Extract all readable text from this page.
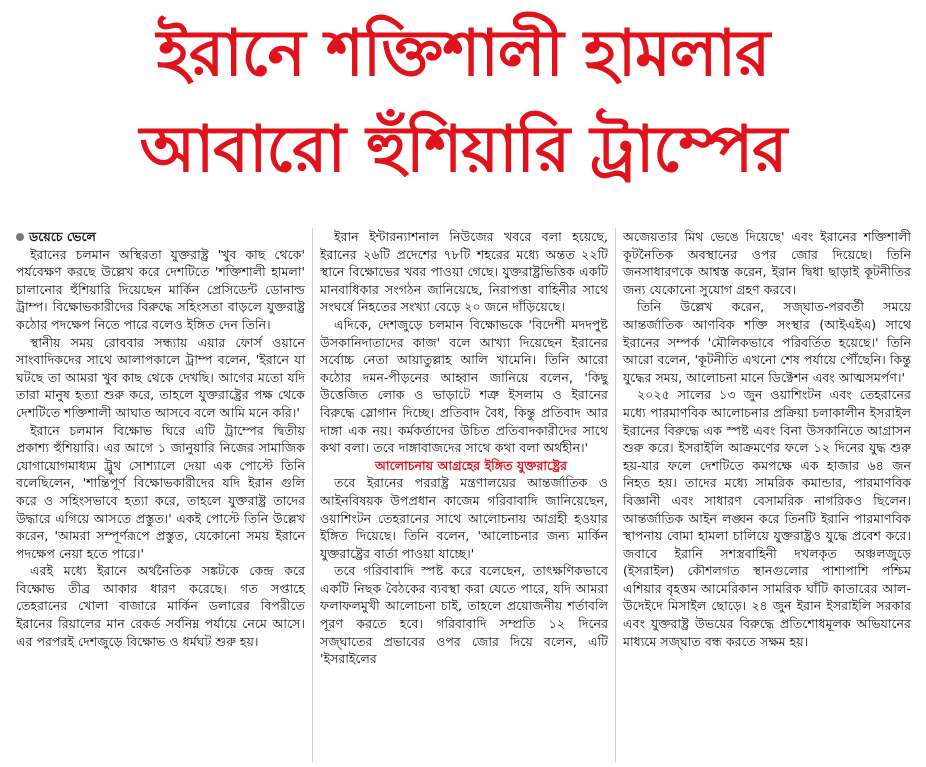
ইরানে শক্তিশালী হামলার
আবারো হুঁশিয়ারি ট্রাম্পের
ডয়েচে ভেলে

ইরানের চলমান অস্থিরতা যুক্তরাষ্ট্র 'খুব কাছ থেকে' পর্যবেক্ষণ করছে উল্লেখ করে দেশটিতে 'শক্তিশালী হামলা' চালানোর হুঁশিয়ারি দিয়েছেন মার্কিন প্রেসিডেন্ট ডোনাল্ড ট্রাম্প। বিক্ষোভকারীদের বিরুদ্ধে সহিংসতা বাড়লে যুক্তরাষ্ট্র কঠোর পদক্ষেপ নিতে পারে বলেও ইঙ্গিত দেন তিনি।

স্থানীয় সময় রোববার সন্ধ্যায় এয়ার ফোর্স ওয়ানে সাংবাদিকদের সাথে আলাপকালে ট্রাম্প বলেন, 'ইরানে যা ঘটছে তা আমরা খুব কাছ থেকে দেখছি। আগের মতো যদি তারা মানুষ হত্যা শুরু করে, তাহলে যুক্তরাষ্ট্রের পক্ষ থেকে দেশটিতে শক্তিশালী আঘাত আসবে বলে আমি মনে করি।'

ইরানে চলমান বিক্ষোভ ঘিরে এটি ট্রাম্পের দ্বিতীয় প্রকাশ্য হুঁশিয়ারি। এর আগে ১ জানুয়ারি নিজের সামাজিক যোগাযোগমাধ্যম ট্রুথ সোশ্যালে দেয়া এক পোস্টে তিনি বলেছিলেন, 'শান্তিপূর্ণ বিক্ষোভকারীদের যদি ইরান গুলি করে ও সহিংসভাবে হত্যা করে, তাহলে যুক্তরাষ্ট্র তাদের উদ্ধারে এগিয়ে আসতে প্রস্তুত।' একই পোস্টে তিনি উল্লেখ করেন, 'আমরা সম্পূর্ণরূপে প্রস্তুত, যেকোনো সময় ইরানে পদক্ষেপ নেয়া হতে পারে।'

এরই মধ্যে ইরানে অর্থনৈতিক সঙ্কটকে কেন্দ্র করে বিক্ষোভ তীব্র আকার ধারণ করেছে। গত সপ্তাহে তেহরানের খোলা বাজারে মার্কিন ডলারের বিপরীতে ইরানের রিয়ালের মান রেকর্ড সর্বনিম্ন পর্যায়ে নেমে আসে। এর পরপরই দেশজুড়ে বিক্ষোভ ও ধর্মঘট শুরু হয়।

ইরান ইন্টারন্যাশনাল নিউজের খবরে বলা হয়েছে, ইরানের ২৬টি প্রদেশের ৭৮টি শহরের মধ্যে অন্তত ২২টি স্থানে বিক্ষোভের খবর পাওয়া গেছে। যুক্তরাষ্ট্রভিত্তিক একটি মানবাধিকার সংগঠন জানিয়েছে, নিরাপত্তা বাহিনীর সাথে সংঘর্ষে নিহতের সংখ্যা বেড়ে ২০ জনে দাঁড়িয়েছে।

এদিকে, দেশজুড়ে চলমান বিক্ষোভকে 'বিদেশী মদদপুষ্ট উসকানিদাতাদের কাজ' বলে আখ্যা দিয়েছেন ইরানের সর্বোচ্চ নেতা আয়াতুল্লাহ আলি খামেনি। তিনি আরো কঠোর দমন-পীড়নের আহ্বান জানিয়ে বলেন, 'কিছু উত্তেজিত লোক ও ভাড়াটে শত্রু ইসলাম ও ইরানের বিরুদ্ধে স্লোগান দিচ্ছে। প্রতিবাদ বৈধ, কিন্তু প্রতিবাদ আর দাঙ্গা এক নয়। কর্মকর্তাদের উচিত প্রতিবাদকারীদের সাথে কথা বলা। তবে দাঙ্গাবাজদের সাথে কথা বলা অর্থহীন।'

আলোচনায় আগ্রহের ইঙ্গিত যুক্তরাষ্ট্রের

তবে ইরানের পররাষ্ট্র মন্ত্রণালয়ের আন্তর্জাতিক ও আইনবিষয়ক উপপ্রধান কাজেম গরিবাবাদি জানিয়েছেন, ওয়াশিংটন তেহরানের সাথে আলোচনায় আগ্রহী হওয়ার ইঙ্গিত দিয়েছে। তিনি বলেন, 'আলোচনার জন্য মার্কিন যুক্তরাষ্ট্রের বার্তা পাওয়া যাচ্ছে।'

তবে গরিবাবাদি স্পষ্ট করে বলেছেন, তাৎক্ষণিকভাবে একটি নিছক বৈঠকের ব্যবস্থা করা যেতে পারে, যদি আমরা ফলাফলমুখী আলোচনা চাই, তাহলে প্রয়োজনীয় শর্তাবলি পূরণ করতে হবে। গরিবাবাদি সম্প্রতি ১২ দিনের সজ্ঘাতের প্রভাবের ওপর জোর দিয়ে বলেন, এটি 'ইসরাইলের

অজেয়তার মিথ ভেঙে দিয়েছে' এবং ইরানের শক্তিশালী কূটনৈতিক অবস্থানের ওপর জোর দিয়েছে। তিনি জনসাধারণকে আশ্বস্ত করেন, ইরান দ্বিধা ছাড়াই কূটনীতির জন্য যেকোনো সুযোগ গ্রহণ করবে।

তিনি উল্লেখ করেন, সজ্ঘাত-পরবর্তী সময়ে আন্তর্জাতিক আণবিক শক্তি সংস্থার (আইএইএ) সাথে ইরানের সম্পর্ক 'মৌলিকভাবে পরিবর্তিত হয়েছে।' তিনি আরো বলেন, 'কূটনীতি এখনো শেষ পর্যায়ে পৌঁছেনি। কিন্তু যুদ্ধের সময়, আলোচনা মানে ডিক্টেশন এবং আত্মসমর্পণ।'

২০২৫ সালের ১৩ জুন ওয়াশিংটন এবং তেহরানের মধ্যে পারমাণবিক আলোচনার প্রক্রিয়া চলাকালীন ইসরাইল ইরানের বিরুদ্ধে এক স্পষ্ট এবং বিনা উসকানিতে আগ্রাসন শুরু করে। ইসরাইলি আক্রমণের ফলে ১২ দিনের যুদ্ধ শুরু হয়-যার ফলে দেশটিতে কমপক্ষে এক হাজার ৬৪ জন নিহত হয়। তাদের মধ্যে সামরিক কমান্ডার, পারমাণবিক বিজ্ঞানী এবং সাধারণ বেসামরিক নাগরিকও ছিলেন। আন্তর্জাতিক আইন লঙ্ঘন করে তিনটি ইরানি পারমাণবিক স্থাপনায় বোমা হামলা চালিয়ে যুক্তরাষ্ট্রও যুদ্ধে প্রবেশ করে। জবাবে ইরানি সশস্ত্রবাহিনী দখলকৃত অঞ্চলজুড়ে (ইসরাইল) কৌশলগত স্থানগুলোর পাশাপাশি পশ্চিম এশিয়ার বৃহত্তম আমেরিকান সামরিক ঘাঁটি কাতারের আল-উদেইদে মিসাইল ছোড়ে। ২৪ জুন ইরান ইসরাইলি সরকার এবং যুক্তরাষ্ট্র উভয়ের বিরুদ্ধে প্রতিশোধমূলক অভিযানের মাধ্যমে সজ্ঘাত বন্ধ করতে সক্ষম হয়।
